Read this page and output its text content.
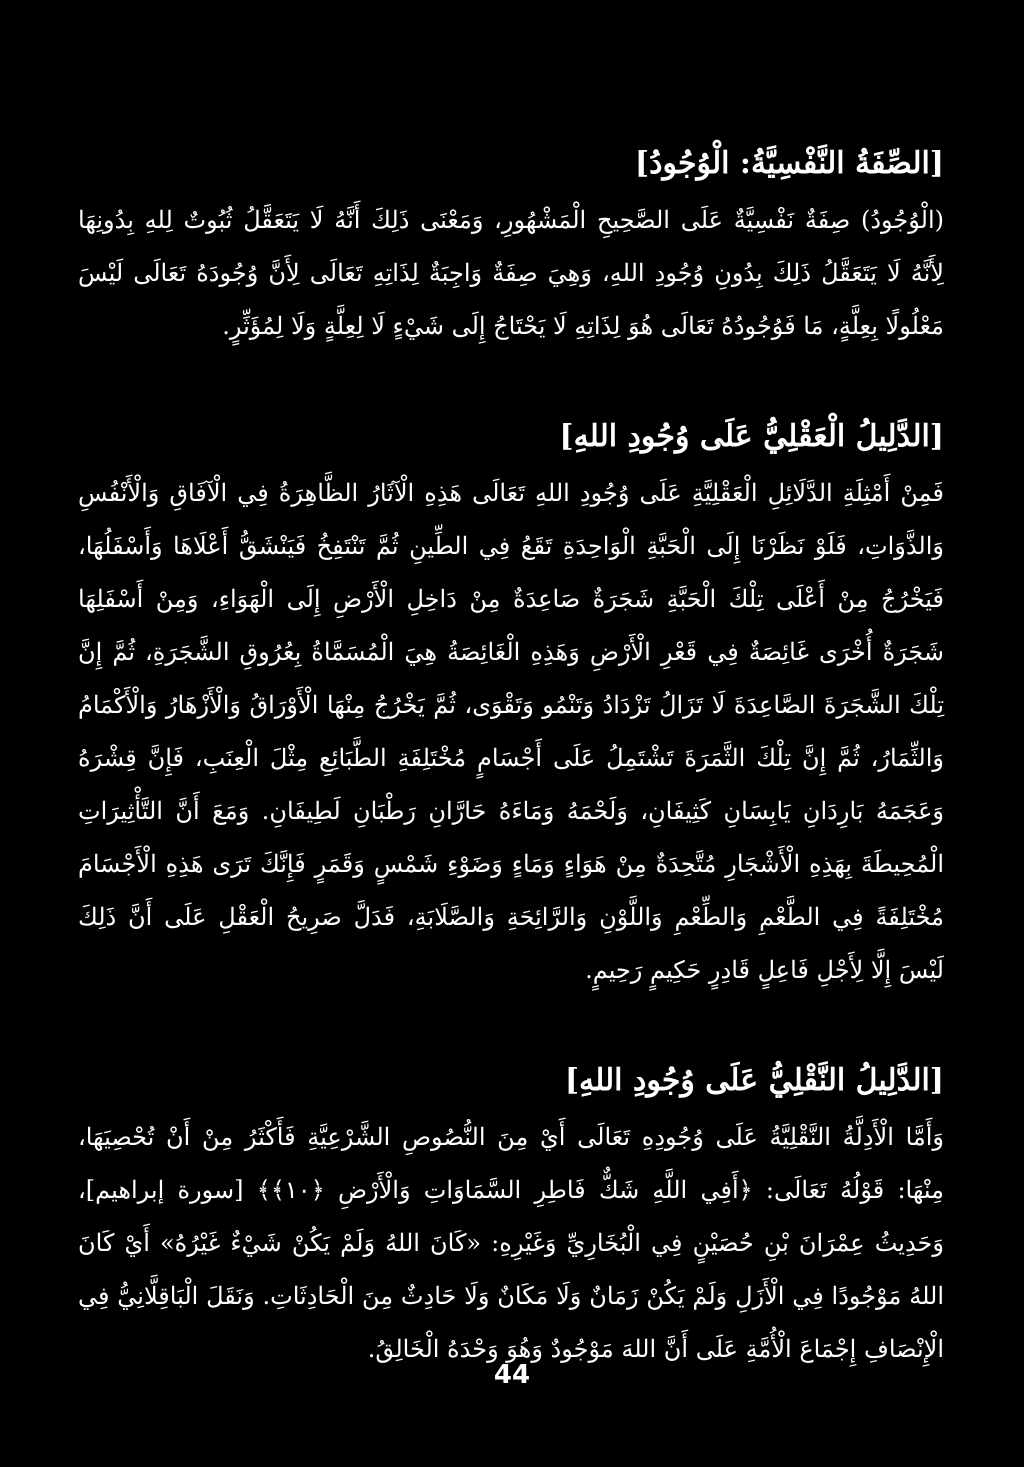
[الصِّفَةُ النَّفْسِيَّةُ: الْوُجُودُ]

(الْوُجُودُ) صِفَةٌ نَفْسِيَّةٌ عَلَى الصَّحِيحِ الْمَشْهُورِ، وَمَعْنَى ذَلِكَ أَنَّهُ لَا يَتَعَقَّلُ ثُبُوتٌ لِلهِ بِدُونِهَا لِأَنَّهُ لَا يَتَعَقَّلُ ذَلِكَ بِدُونِ وُجُودِ اللهِ، وَهِيَ صِفَةٌ وَاجِبَةٌ لِذَاتِهِ تَعَالَى لِأَنَّ وُجُودَهُ تَعَالَى لَيْسَ مَعْلُولًا بِعِلَّةٍ، مَا فَوُجُودُهُ تَعَالَى هُوَ لِذَاتِهِ لَا يَحْتَاجُ إِلَى شَيْءٍ لَا لِعِلَّةٍ وَلَا لِمُؤَثِّرٍ.

[الدَّلِيلُ الْعَقْلِيُّ عَلَى وُجُودِ اللهِ]

فَمِنْ أَمْثِلَةِ الدَّلَائِلِ الْعَقْلِيَّةِ عَلَى وُجُودِ اللهِ تَعَالَى هَذِهِ الْآثَارُ الظَّاهِرَةُ فِي الْآفَاقِ وَالْأَنْفُسِ وَالذَّوَاتِ، فَلَوْ نَظَرْنَا إِلَى الْحَبَّةِ الْوَاحِدَةِ تَقَعُ فِي الطِّينِ ثُمَّ تَنْتَفِخُ فَيَنْشَقُّ أَعْلَاهَا وَأَسْفَلُهَا، فَيَخْرُجُ مِنْ أَعْلَى تِلْكَ الْحَبَّةِ شَجَرَةٌ صَاعِدَةٌ مِنْ دَاخِلِ الْأَرْضِ إِلَى الْهَوَاءِ، وَمِنْ أَسْفَلِهَا شَجَرَةٌ أُخْرَى غَائِصَةٌ فِي قَعْرِ الْأَرْضِ وَهَذِهِ الْغَائِصَةُ هِيَ الْمُسَمَّاةُ بِعُرُوقِ الشَّجَرَةِ، ثُمَّ إِنَّ تِلْكَ الشَّجَرَةَ الصَّاعِدَةَ لَا تَزَالُ تَزْدَادُ وَتَنْمُو وَتَقْوَى، ثُمَّ يَخْرُجُ مِنْهَا الْأَوْرَاقُ وَالْأَزْهَارُ وَالْأَكْمَامُ وَالثِّمَارُ، ثُمَّ إِنَّ تِلْكَ الثَّمَرَةَ تَشْتَمِلُ عَلَى أَجْسَامٍ مُخْتَلِفَةِ الطَّبَائِعِ مِثْلَ الْعِنَبِ، فَإِنَّ قِشْرَهُ وَعَجَمَهُ بَارِدَانِ يَابِسَانِ كَثِيفَانِ، وَلَحْمَهُ وَمَاءَهُ حَارَّانِ رَطْبَانِ لَطِيفَانِ. وَمَعَ أَنَّ التَّأْثِيرَاتِ الْمُحِيطَةَ بِهَذِهِ الْأَشْجَارِ مُتَّحِدَةٌ مِنْ هَوَاءٍ وَمَاءٍ وَضَوْءِ شَمْسٍ وَقَمَرٍ فَإِنَّكَ تَرَى هَذِهِ الْأَجْسَامَ مُخْتَلِفَةً فِي الطَّعْمِ وَالطِّعْمِ وَاللَّوْنِ وَالرَّائِحَةِ وَالصَّلَابَةِ، فَدَلَّ صَرِيحُ الْعَقْلِ عَلَى أَنَّ ذَلِكَ لَيْسَ إِلَّا لِأَجْلِ فَاعِلٍ قَادِرٍ حَكِيمٍ رَحِيمٍ.

[الدَّلِيلُ النَّقْلِيُّ عَلَى وُجُودِ اللهِ]

وَأَمَّا الْأَدِلَّةُ النَّقْلِيَّةُ عَلَى وُجُودِهِ تَعَالَى أَيْ مِنَ النُّصُوصِ الشَّرْعِيَّةِ فَأَكْثَرُ مِنْ أَنْ تُحْصِيَهَا، مِنْهَا: قَوْلُهُ تَعَالَى: ﴿أَفِي اللَّهِ شَكٌّ فَاطِرِ السَّمَاوَاتِ وَالْأَرْضِ ﴿١٠﴾﴾ [سورة إبراهيم]، وَحَدِيثُ عِمْرَانَ بْنِ حُصَيْنٍ فِي الْبُخَارِيِّ وَغَيْرِهِ: «كَانَ اللهُ وَلَمْ يَكُنْ شَيْءٌ غَيْرُهُ» أَيْ كَانَ اللهُ مَوْجُودًا فِي الْأَزَلِ وَلَمْ يَكُنْ زَمَانٌ وَلَا مَكَانٌ وَلَا حَادِثٌ مِنَ الْحَادِثَاتِ. وَنَقَلَ الْبَاقِلَّانِيُّ فِي الْإِنْصَافِ إِجْمَاعَ الْأُمَّةِ عَلَى أَنَّ اللهَ مَوْجُودٌ وَهُوَ وَحْدَهُ الْخَالِقُ.

44
